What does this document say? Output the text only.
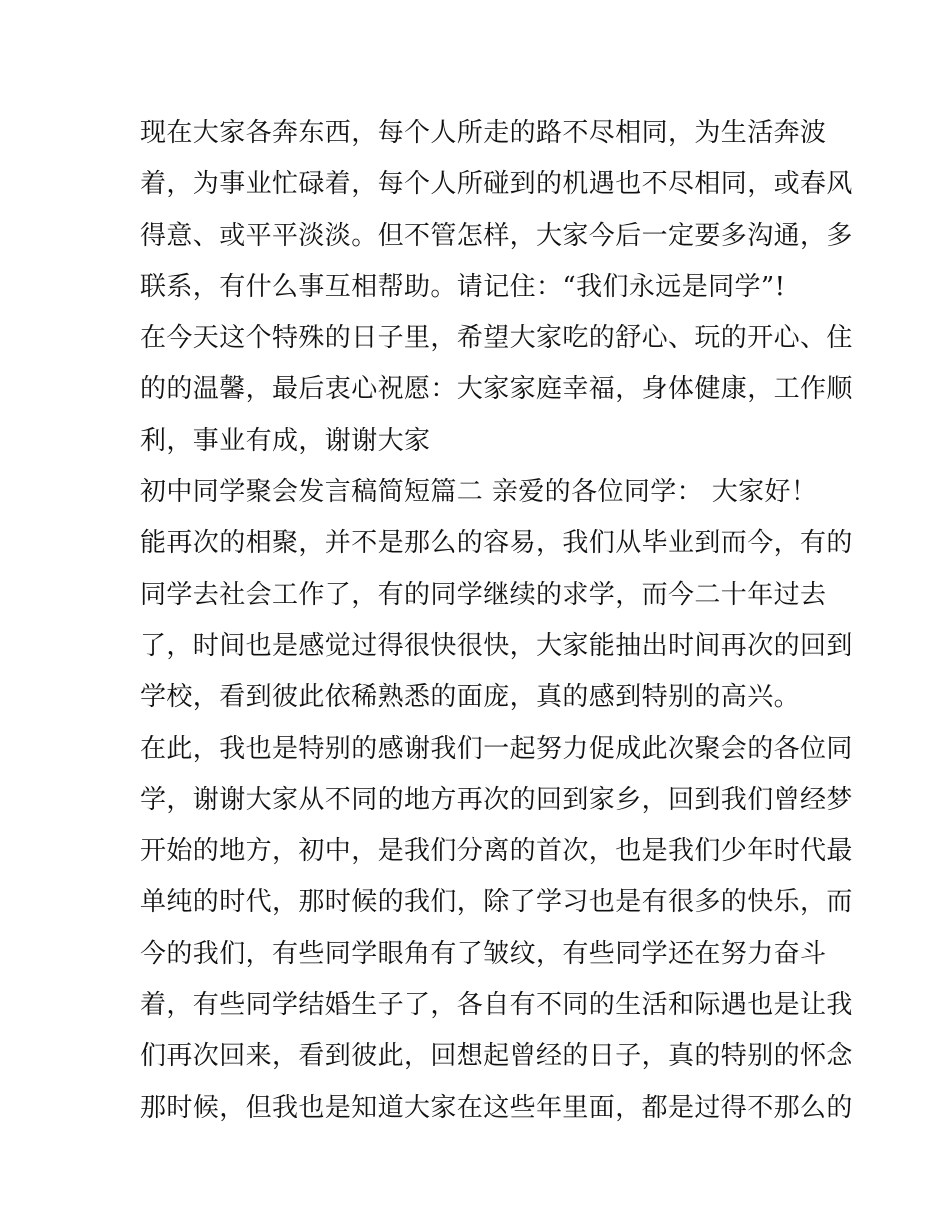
现在大家各奔东西，每个人所走的路不尽相同，为生活奔波
着，为事业忙碌着，每个人所碰到的机遇也不尽相同，或春风
得意、或平平淡淡。但不管怎样，大家今后一定要多沟通，多
联系，有什么事互相帮助。请记住：“我们永远是同学”!
在今天这个特殊的日子里，希望大家吃的舒心、玩的开心、住
的的温馨，最后衷心祝愿：大家家庭幸福，身体健康，工作顺
利，事业有成，谢谢大家
初中同学聚会发言稿简短篇二 亲爱的各位同学： 大家好！
能再次的相聚，并不是那么的容易，我们从毕业到而今，有的
同学去社会工作了，有的同学继续的求学，而今二十年过去
了，时间也是感觉过得很快很快，大家能抽出时间再次的回到
学校，看到彼此依稀熟悉的面庞，真的感到特别的高兴。
在此，我也是特别的感谢我们一起努力促成此次聚会的各位同
学，谢谢大家从不同的地方再次的回到家乡，回到我们曾经梦
开始的地方，初中，是我们分离的首次，也是我们少年时代最
单纯的时代，那时候的我们，除了学习也是有很多的快乐，而
今的我们，有些同学眼角有了皱纹，有些同学还在努力奋斗
着，有些同学结婚生子了，各自有不同的生活和际遇也是让我
们再次回来，看到彼此，回想起曾经的日子，真的特别的怀念
那时候，但我也是知道大家在这些年里面，都是过得不那么的
